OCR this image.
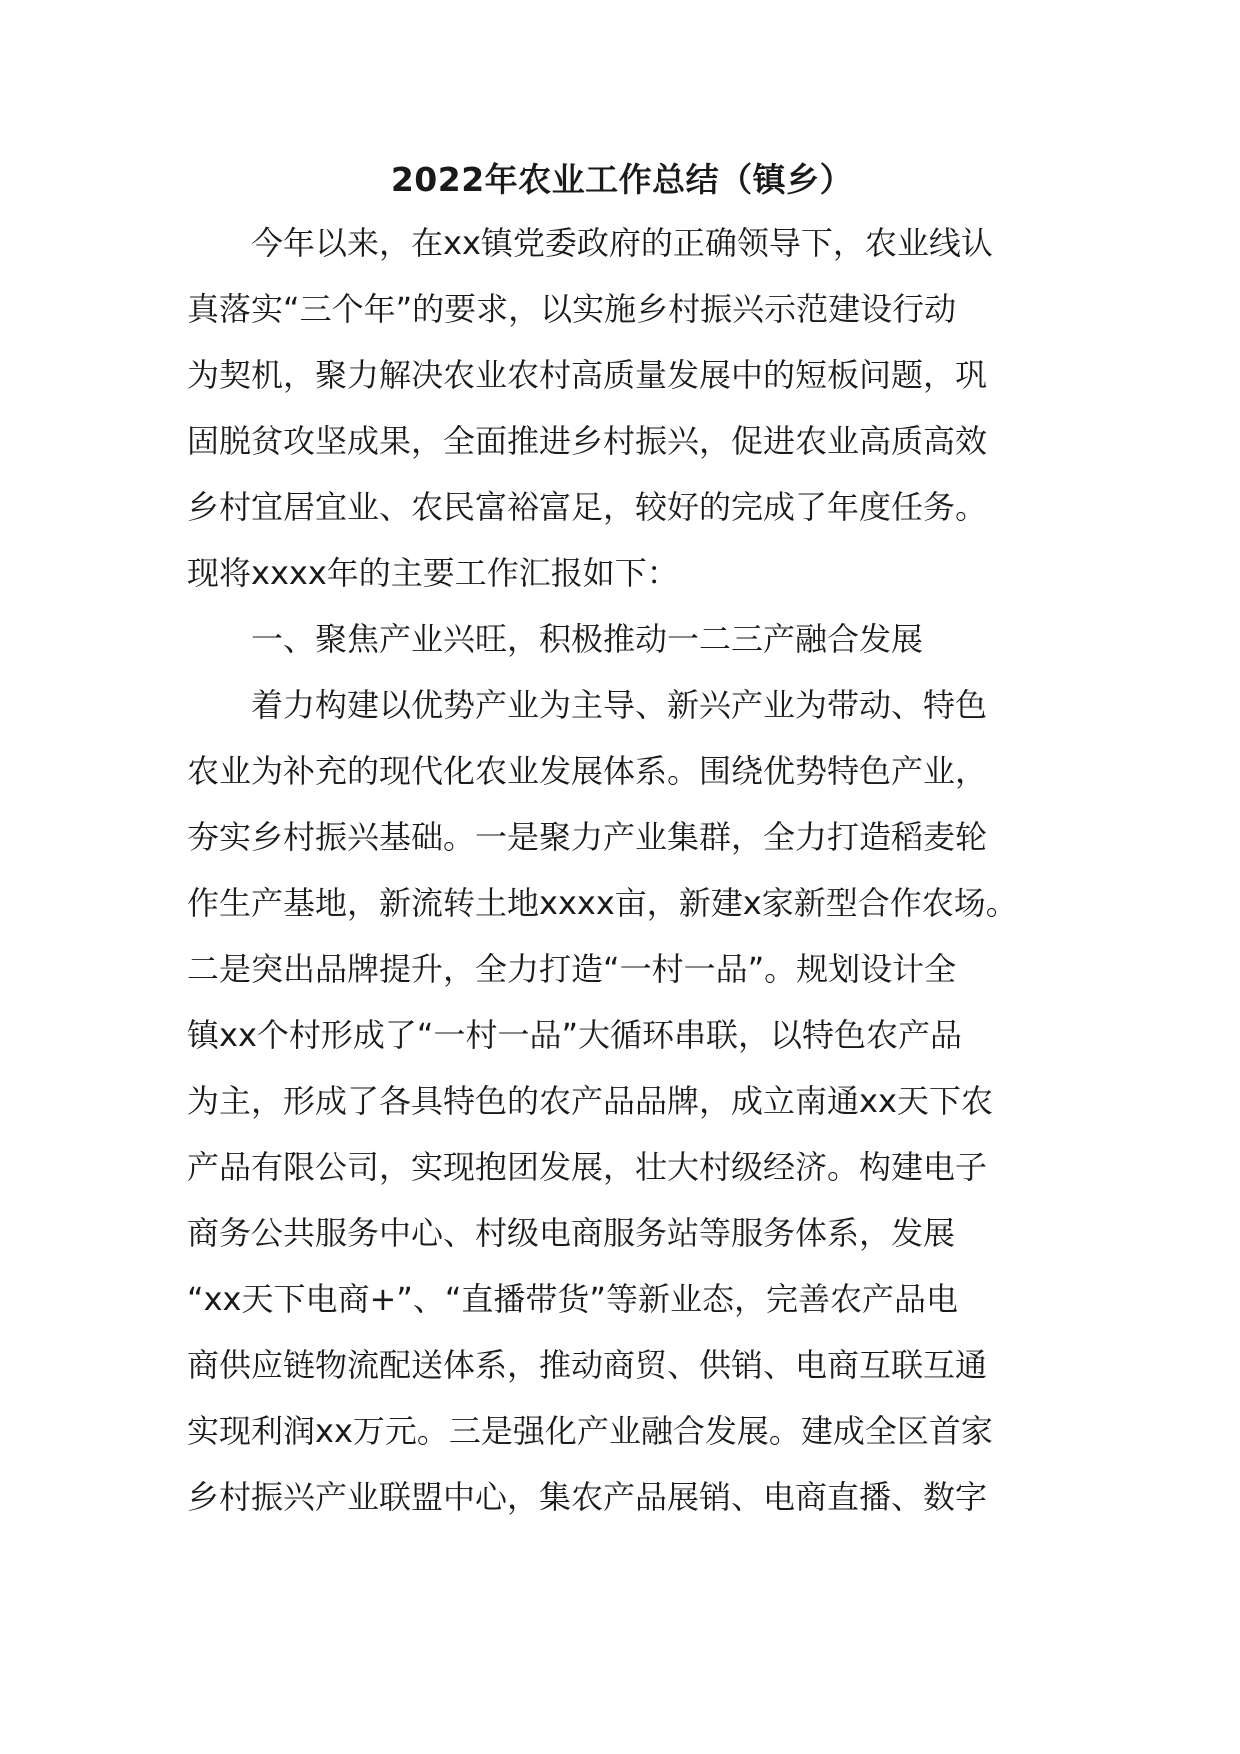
2022年农业工作总结（镇乡）

今年以来，在xx镇党委政府的正确领导下，农业线认

真落实“三个年”的要求，以实施乡村振兴示范建设行动

为契机，聚力解决农业农村高质量发展中的短板问题，巩

固脱贫攻坚成果，全面推进乡村振兴，促进农业高质高效

乡村宜居宜业、农民富裕富足，较好的完成了年度任务。

现将xxxx年的主要工作汇报如下：

一、聚焦产业兴旺，积极推动一二三产融合发展

着力构建以优势产业为主导、新兴产业为带动、特色

农业为补充的现代化农业发展体系。围绕优势特色产业，

夯实乡村振兴基础。一是聚力产业集群，全力打造稻麦轮

作生产基地，新流转土地xxxx亩，新建x家新型合作农场。

二是突出品牌提升，全力打造“一村一品”。规划设计全

镇xx个村形成了“一村一品”大循环串联，以特色农产品

为主，形成了各具特色的农产品品牌，成立南通xx天下农

产品有限公司，实现抱团发展，壮大村级经济。构建电子

商务公共服务中心、村级电商服务站等服务体系，发展

“xx天下电商+”、“直播带货”等新业态，完善农产品电

商供应链物流配送体系，推动商贸、供销、电商互联互通

实现利润xx万元。三是强化产业融合发展。建成全区首家

乡村振兴产业联盟中心，集农产品展销、电商直播、数字
